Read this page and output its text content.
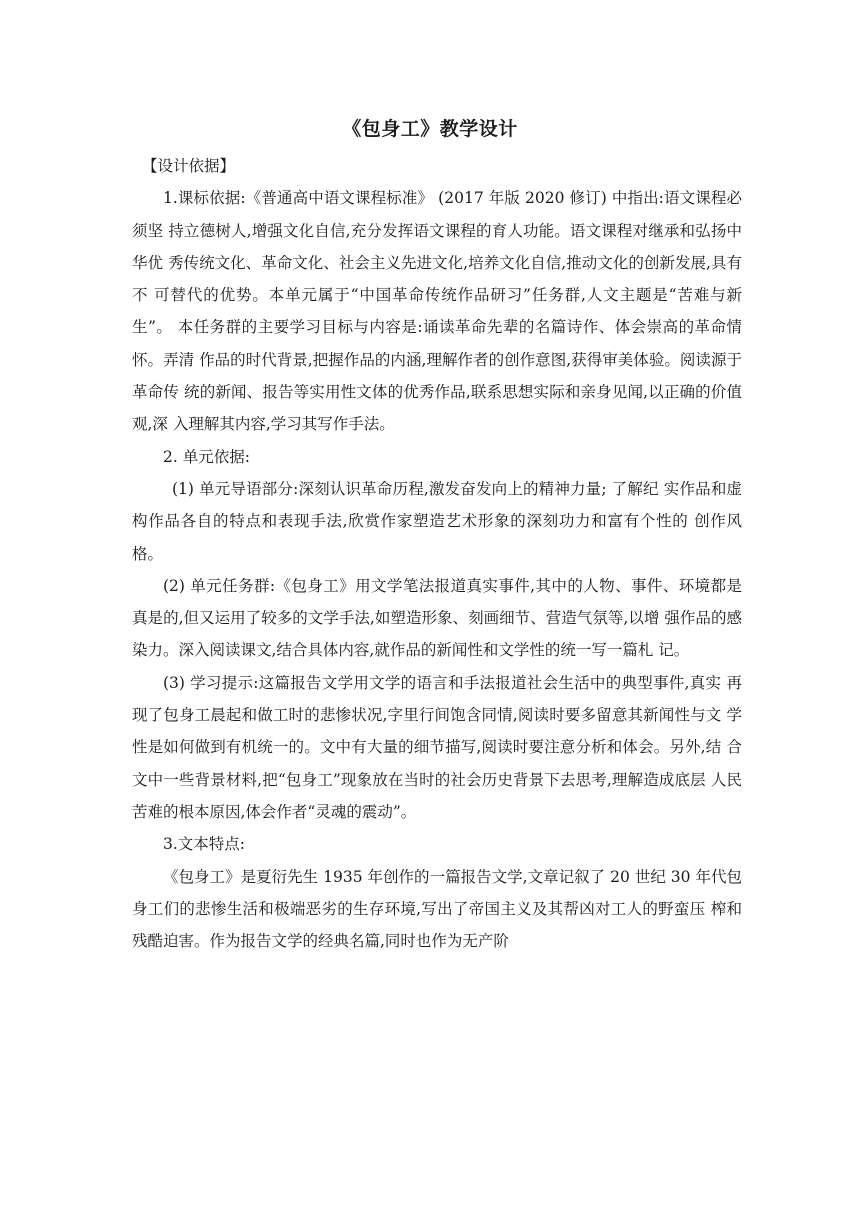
《包身工》教学设计

【设计依据】

1.课标依据:《普通高中语文课程标准》 (2017 年版 2020 修订) 中指出:语文课程必须坚 持立德树人,增强文化自信,充分发挥语文课程的育人功能。语文课程对继承和弘扬中华优 秀传统文化、革命文化、社会主义先进文化,培养文化自信,推动文化的创新发展,具有不 可替代的优势。本单元属于“中国革命传统作品研习”任务群,人文主题是“苦难与新生”。 本任务群的主要学习目标与内容是:诵读革命先辈的名篇诗作、体会崇高的革命情怀。弄清 作品的时代背景,把握作品的内涵,理解作者的创作意图,获得审美体验。阅读源于革命传 统的新闻、报告等实用性文体的优秀作品,联系思想实际和亲身见闻,以正确的价值观,深 入理解其内容,学习其写作手法。

2. 单元依据:

(1) 单元导语部分:深刻认识革命历程,激发奋发向上的精神力量; 了解纪 实作品和虚构作品各自的特点和表现手法,欣赏作家塑造艺术形象的深刻功力和富有个性的 创作风格。

(2) 单元任务群:《包身工》用文学笔法报道真实事件,其中的人物、事件、环境都是真是的,但又运用了较多的文学手法,如塑造形象、刻画细节、营造气氛等,以增 强作品的感染力。深入阅读课文,结合具体内容,就作品的新闻性和文学性的统一写一篇札 记。

(3) 学习提示:这篇报告文学用文学的语言和手法报道社会生活中的典型事件,真实 再现了包身工晨起和做工时的悲惨状况,字里行间饱含同情,阅读时要多留意其新闻性与文 学性是如何做到有机统一的。文中有大量的细节描写,阅读时要注意分析和体会。另外,结 合文中一些背景材料,把“包身工”现象放在当时的社会历史背景下去思考,理解造成底层 人民苦难的根本原因,体会作者“灵魂的震动”。

3.文本特点:

《包身工》是夏衍先生 1935 年创作的一篇报告文学,文章记叙了 20 世纪 30 年代包身工们的悲惨生活和极端恶劣的生存环境,写出了帝国主义及其帮凶对工人的野蛮压 榨和残酷迫害。作为报告文学的经典名篇,同时也作为无产阶
